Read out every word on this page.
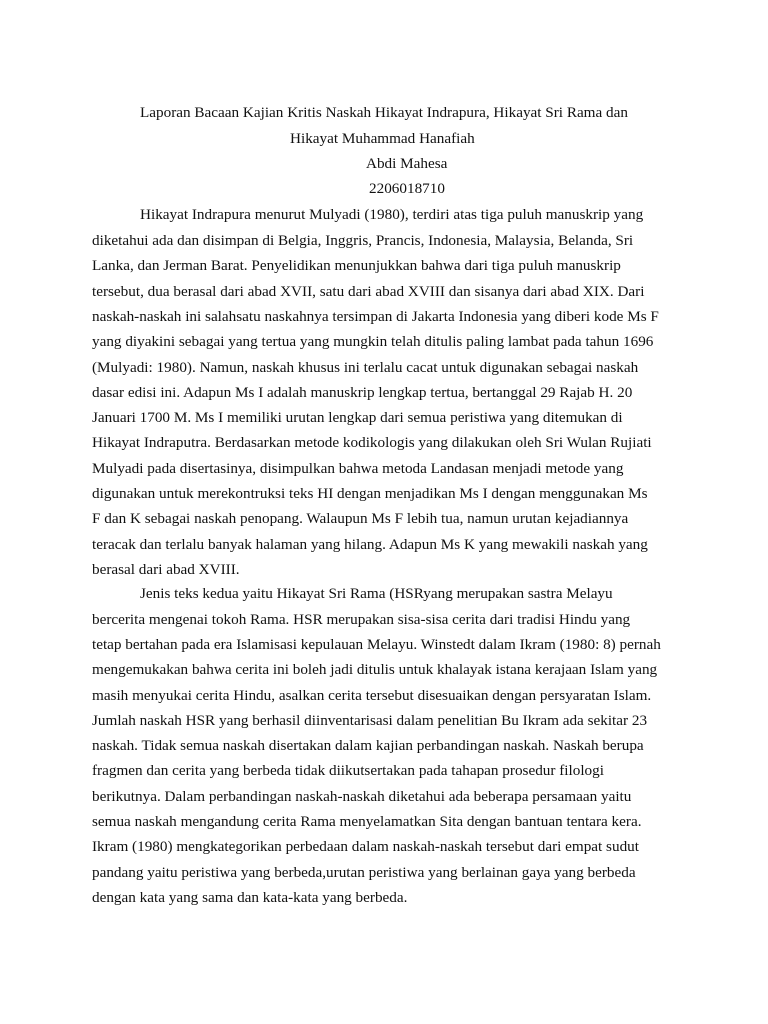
Laporan Bacaan Kajian Kritis Naskah Hikayat Indrapura, Hikayat Sri Rama dan

Hikayat Muhammad Hanafiah

Abdi Mahesa

2206018710

Hikayat Indrapura menurut Mulyadi (1980), terdiri atas tiga puluh manuskrip yang

diketahui ada dan disimpan di Belgia, Inggris, Prancis, Indonesia, Malaysia, Belanda, Sri

Lanka, dan Jerman Barat. Penyelidikan menunjukkan bahwa dari tiga puluh manuskrip

tersebut, dua berasal dari abad XVII, satu dari abad XVIII dan sisanya dari abad XIX. Dari

naskah-naskah ini salahsatu naskahnya tersimpan di Jakarta Indonesia yang diberi kode Ms F

yang diyakini sebagai yang tertua yang mungkin telah ditulis paling lambat pada tahun 1696

(Mulyadi: 1980). Namun, naskah khusus ini terlalu cacat untuk digunakan sebagai naskah

dasar edisi ini. Adapun Ms I adalah manuskrip lengkap tertua, bertanggal 29 Rajab H. 20

Januari 1700 M. Ms I memiliki urutan lengkap dari semua peristiwa yang ditemukan di

Hikayat Indraputra. Berdasarkan metode kodikologis yang dilakukan oleh Sri Wulan Rujiati

Mulyadi pada disertasinya, disimpulkan bahwa metoda Landasan menjadi metode yang

digunakan untuk merekontruksi teks HI dengan menjadikan Ms I dengan menggunakan Ms

F dan K sebagai naskah penopang. Walaupun Ms F lebih tua, namun urutan kejadiannya

teracak dan terlalu banyak halaman yang hilang. Adapun Ms K yang mewakili naskah yang

berasal dari abad XVIII.

Jenis teks kedua yaitu Hikayat Sri Rama (HSRyang merupakan sastra Melayu

bercerita mengenai tokoh Rama. HSR merupakan sisa-sisa cerita dari tradisi Hindu yang

tetap bertahan pada era Islamisasi kepulauan Melayu. Winstedt dalam Ikram (1980: 8) pernah

mengemukakan bahwa cerita ini boleh jadi ditulis untuk khalayak istana kerajaan Islam yang

masih menyukai cerita Hindu, asalkan cerita tersebut disesuaikan dengan persyaratan Islam.

Jumlah naskah HSR yang berhasil diinventarisasi dalam penelitian Bu Ikram ada sekitar 23

naskah. Tidak semua naskah disertakan dalam kajian perbandingan naskah. Naskah berupa

fragmen dan cerita yang berbeda tidak diikutsertakan pada tahapan prosedur filologi

berikutnya. Dalam perbandingan naskah-naskah diketahui ada beberapa persamaan yaitu

semua naskah mengandung cerita Rama menyelamatkan Sita dengan bantuan tentara kera.

Ikram (1980) mengkategorikan perbedaan dalam naskah-naskah tersebut dari empat sudut

pandang yaitu peristiwa yang berbeda,urutan peristiwa yang berlainan gaya yang berbeda

dengan kata yang sama dan kata-kata yang berbeda.
